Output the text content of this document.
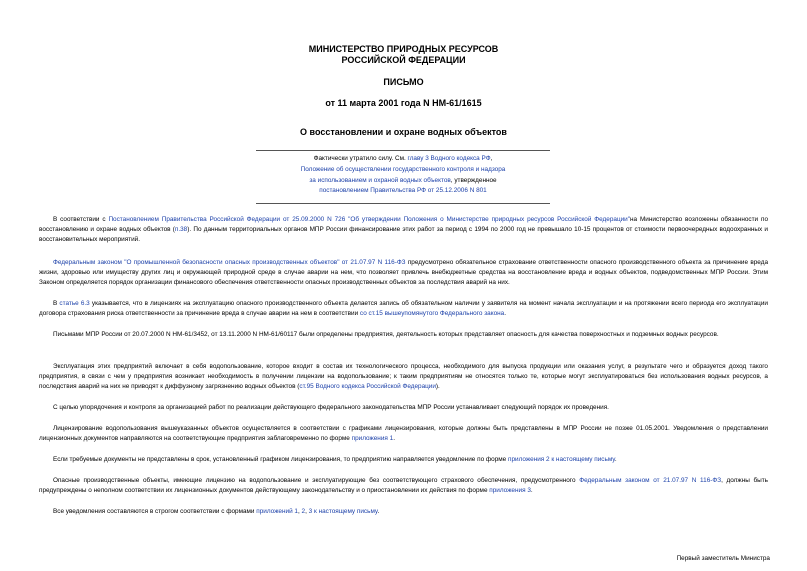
МИНИСТЕРСТВО ПРИРОДНЫХ РЕСУРСОВ

РОССИЙСКОЙ ФЕДЕРАЦИИ

ПИСЬМО

от 11 марта 2001 года N НМ-61/1615

О восстановлении и охране водных объектов

Фактически утратило силу. См. главу 3 Водного кодекса РФ,
Положение об осуществлении государственного контроля и надзора
за использованием и охраной водных объектов, утвержденное
постановлением Правительства РФ от 25.12.2006 N 801

В соответствии с Постановлением Правительства Российской Федерации от 25.09.2000 N 726 "Об утверждении Положения о Министерстве природных ресурсов Российской Федерации"на Министерство возложены обязанности по восстановлению и охране водных объектов (п.38). По данным территориальных органов МПР России финансирование этих работ за период с 1994 по 2000 год не превышало 10-15 процентов от стоимости первоочередных водоохранных и восстановительных мероприятий.

Федеральным законом "О промышленной безопасности опасных производственных объектов" от 21.07.97 N 116-ФЗ предусмотрено обязательное страхование ответственности опасного производственного объекта за причинение вреда жизни, здоровью или имуществу других лиц и окружающей природной среде в случае аварии на нем, что позволяет привлечь внебюджетные средства на восстановление вреда и водных объектов, подведомственных МПР России. Этим Законом определяется порядок организации финансового обеспечения ответственности опасных производственных объектов за последствия аварий на них.

В статье 6.3 указывается, что в лицензиях на эксплуатацию опасного производственного объекта делается запись об обязательном наличии у заявителя на момент начала эксплуатации и на протяжении всего периода его эксплуатации договора страхования риска ответственности за причинение вреда в случае аварии на нем в соответствии со ст.15 вышеупомянутого Федерального закона.

Письмами МПР России от 20.07.2000 N НМ-61/3452, от 13.11.2000 N НМ-61/60117 были определены предприятия, деятельность которых представляет опасность для качества поверхностных и подземных водных ресурсов.

Эксплуатация этих предприятий включает в себя водопользование, которое входит в состав их технологического процесса, необходимого для выпуска продукции или оказания услуг, в результате чего и образуется доход такого предприятия, в связи с чем у предприятия возникает необходимость в получении лицензии на водопользование; к таким предприятиям не относятся только те, которые могут эксплуатироваться без использования водных ресурсов, а последствия аварий на них не приводят к диффузному загрязнению водных объектов (ст.95 Водного кодекса Российской Федерации).

С целью упорядочения и контроля за организацией работ по реализации действующего федерального законодательства МПР России устанавливает следующий порядок их проведения.

Лицензирование водопользования вышеуказанных объектов осуществляется в соответствии с графиками лицензирования, которые должны быть представлены в МПР России не позже 01.05.2001. Уведомления о представлении лицензионных документов направляются на соответствующие предприятия заблаговременно по форме приложения 1.

Если требуемые документы не представлены в срок, установленный графиком лицензирования, то предприятию направляется уведомление по форме приложения 2 к настоящему письму.

Опасные производственные объекты, имеющие лицензию на водопользование и эксплуатирующие без соответствующего страхового обеспечения, предусмотренного Федеральным законом от 21.07.97 N 116-ФЗ, должны быть предупреждены о неполном соответствии их лицензионных документов действующему законодательству и о приостановлении их действия по форме приложения 3.

Все уведомления составляются в строгом соответствии с формами приложений 1, 2, 3 к настоящему письму.

Первый заместитель Министра
